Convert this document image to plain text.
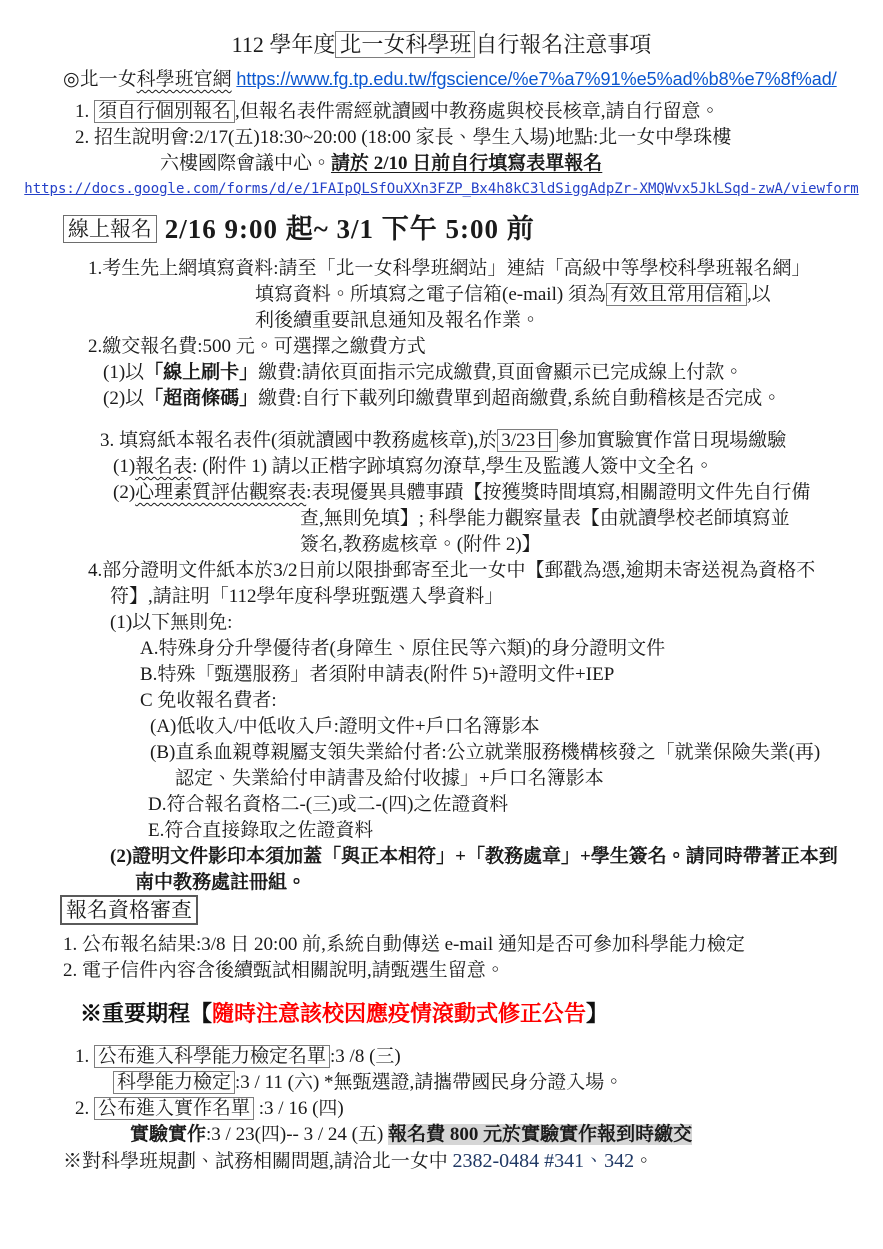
112 學年度 北一女科學班 自行報名注意事項
◎北一女科學班官網 https://www.fg.tp.edu.tw/fgscience/%e7%a7%91%e5%ad%b8%e7%8f%ad/
1. 須自行個別報名 ,但報名表件需經就讀國中教務處與校長核章,請自行留意。
2. 招生說明會:2/17(五)18:30~20:00 (18:00 家長、學生入場)地點:北一女中學珠樓
六樓國際會議中心。請於 2/10 日前自行填寫表單報名
https://docs.google.com/forms/d/e/1FAIpQLSfOuXXn3FZP_Bx4h8kC3ldSiggAdpZr-XMQWvx5JkLSqd-zwA/viewform
線上報名 2/16 9:00 起~ 3/1 下午 5:00 前
1.考生先上網填寫資料:請至「北一女科學班網站」連結「高級中等學校科學班報名網」
填寫資料。所填寫之電子信箱(e-mail) 須為 有效且常用信箱 ,以
利後續重要訊息通知及報名作業。
2.繳交報名費:500 元。可選擇之繳費方式
(1)以「線上刷卡」繳費:請依頁面指示完成繳費,頁面會顯示已完成線上付款。
(2)以「超商條碼」繳費:自行下載列印繳費單到超商繳費,系統自動稽核是否完成。
3. 填寫紙本報名表件(須就讀國中教務處核章),於 3/23日 參加實驗實作當日現場繳驗
(1)報名表: (附件 1) 請以正楷字跡填寫勿潦草,學生及監護人簽中文全名。
(2)心理素質評估觀察表:表現優異具體事蹟【按獲獎時間填寫,相關證明文件先自行備
查,無則免填】; 科學能力觀察量表【由就讀學校老師填寫並
簽名,教務處核章。(附件 2)】
4.部分證明文件紙本於3/2日前以限掛郵寄至北一女中【郵戳為憑,逾期未寄送視為資格不
符】,請註明「112學年度科學班甄選入學資料」
(1)以下無則免:
A.特殊身分升學優待者(身障生、原住民等六類)的身分證明文件
B.特殊「甄選服務」者須附申請表(附件 5)+證明文件+IEP
C 免收報名費者:
(A)低收入/中低收入戶:證明文件+戶口名簿影本
(B)直系血親尊親屬支領失業給付者:公立就業服務機構核發之「就業保險失業(再)
認定、失業給付申請書及給付收據」+戶口名簿影本
D.符合報名資格二-(三)或二-(四)之佐證資料
E.符合直接錄取之佐證資料
(2)證明文件影印本須加蓋「與正本相符」+「教務處章」+學生簽名。請同時帶著正本到
南中教務處註冊組。
報名資格審查
1. 公布報名結果:3/8 日 20:00 前,系統自動傳送 e-mail 通知是否可參加科學能力檢定
2. 電子信件內容含後續甄試相關說明,請甄選生留意。
※重要期程【隨時注意該校因應疫情滾動式修正公告】
1. 公布進入科學能力檢定名單 :3 /8 (三)
科學能力檢定 :3 / 11 (六) *無甄選證,請攜帶國民身分證入場。
2. 公布進入實作名單 :3 / 16 (四)
實驗實作:3 / 23(四)-- 3 / 24 (五) 報名費 800 元於實驗實作報到時繳交
※對科學班規劃、試務相關問題,請洽北一女中 2382-0484 #341、342。
